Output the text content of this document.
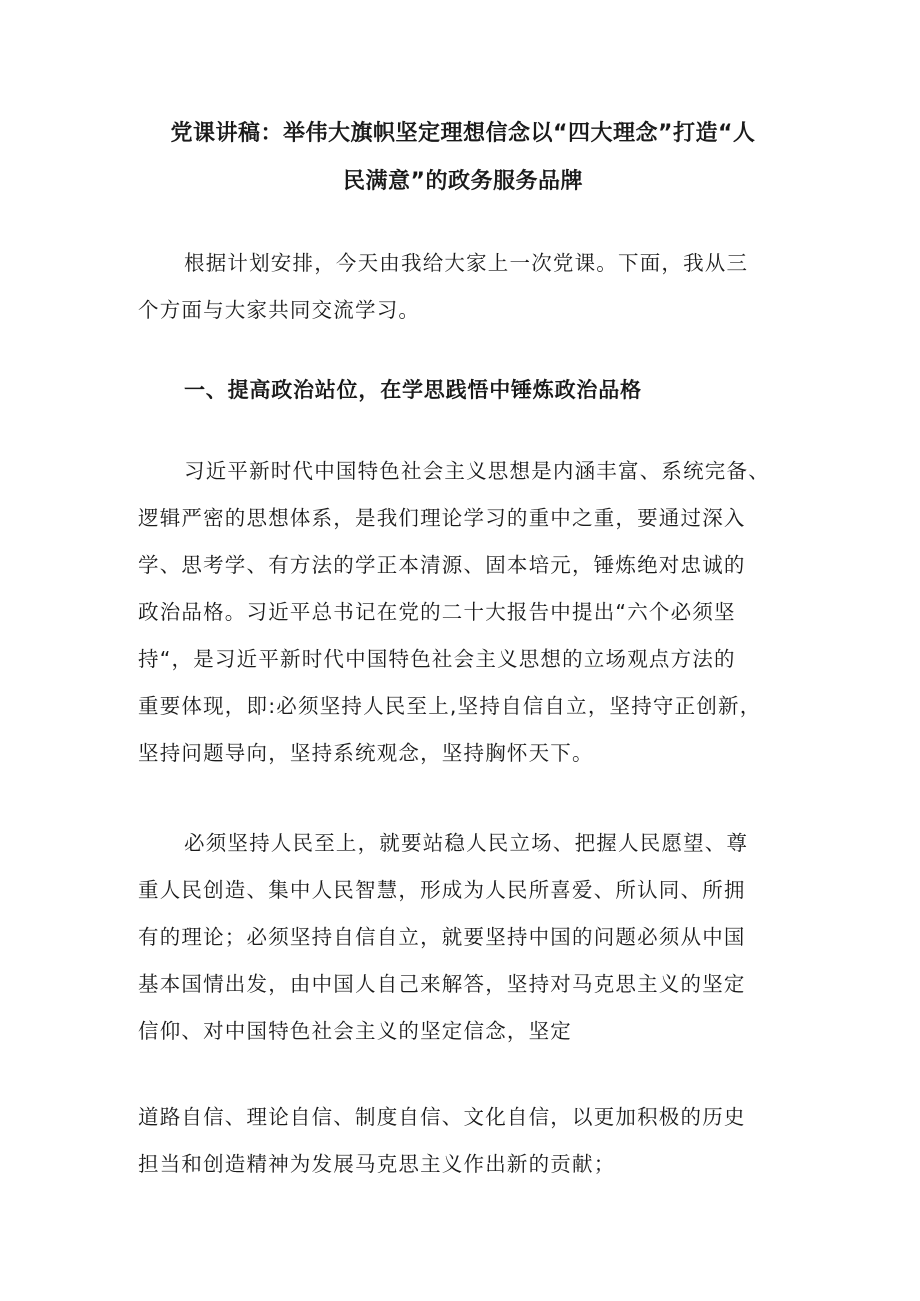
党课讲稿：举伟大旗帜坚定理想信念以“四大理念”打造“人
民满意”的政务服务品牌

根据计划安排，今天由我给大家上一次党课。下面，我从三
个方面与大家共同交流学习。

一、提高政治站位，在学思践悟中锤炼政治品格

习近平新时代中国特色社会主义思想是内涵丰富、系统完备、
逻辑严密的思想体系，是我们理论学习的重中之重，要通过深入
学、思考学、有方法的学正本清源、固本培元，锤炼绝对忠诚的
政治品格。习近平总书记在党的二十大报告中提出“六个必须坚
持“，是习近平新时代中国特色社会主义思想的立场观点方法的
重要体现，即:必须坚持人民至上,坚持自信自立，坚持守正创新，
坚持问题导向，坚持系统观念，坚持胸怀天下。

必须坚持人民至上，就要站稳人民立场、把握人民愿望、尊
重人民创造、集中人民智慧，形成为人民所喜爱、所认同、所拥
有的理论；必须坚持自信自立，就要坚持中国的问题必须从中国
基本国情出发，由中国人自己来解答，坚持对马克思主义的坚定
信仰、对中国特色社会主义的坚定信念，坚定

道路自信、理论自信、制度自信、文化自信，以更加积极的历史
担当和创造精神为发展马克思主义作出新的贡献；
